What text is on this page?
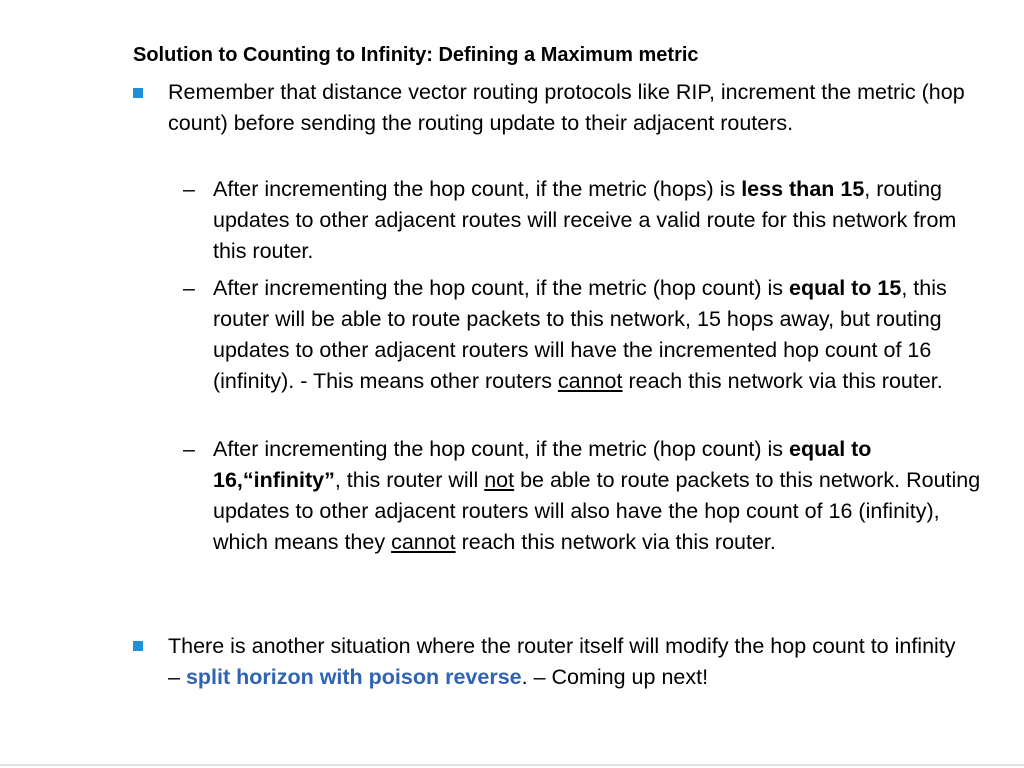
Solution to Counting to Infinity: Defining a Maximum metric
Remember that distance vector routing protocols like RIP, increment the metric (hop count) before sending the routing update to their adjacent routers.
– After incrementing the hop count, if the metric (hops) is less than 15, routing updates to other adjacent routes will receive a valid route for this network from this router.
– After incrementing the hop count, if the metric (hop count) is equal to 15, this router will be able to route packets to this network, 15 hops away, but routing updates to other adjacent routers will have the incremented hop count of 16 (infinity). - This means other routers cannot reach this network via this router.
– After incrementing the hop count, if the metric (hop count) is equal to 16,“infinity”, this router will not be able to route packets to this network. Routing updates to other adjacent routers will also have the hop count of 16 (infinity), which means they cannot reach this network via this router.
There is another situation where the router itself will modify the hop count to infinity – split horizon with poison reverse. – Coming up next!
